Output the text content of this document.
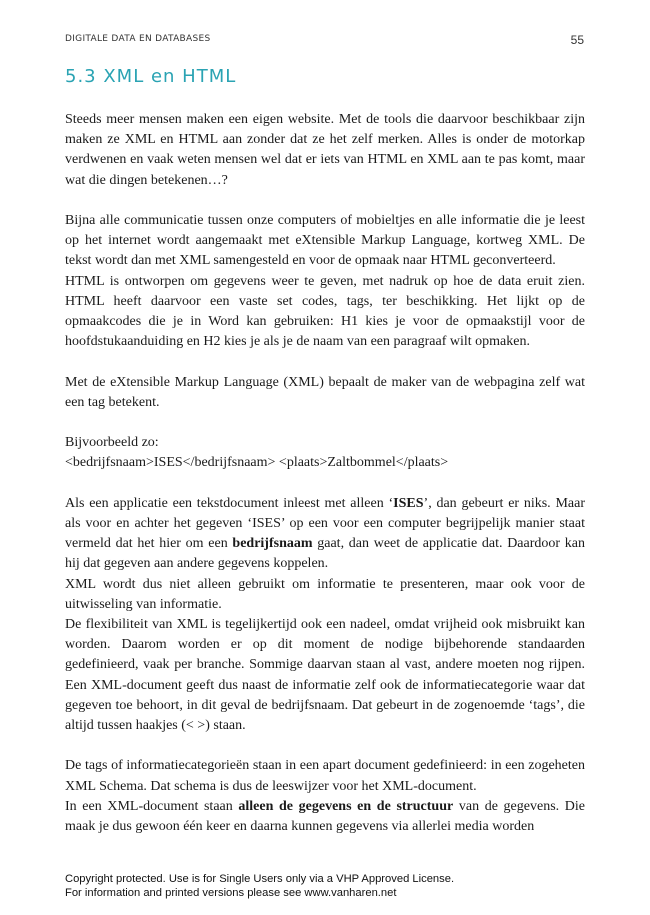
DIGITALE DATA EN DATABASES	55
5.3 XML en HTML

Steeds meer mensen maken een eigen website. Met de tools die daarvoor beschikbaar zijn maken ze XML en HTML aan zonder dat ze het zelf merken. Alles is onder de motorkap verdwenen en vaak weten mensen wel dat er iets van HTML en XML aan te pas komt, maar wat die dingen betekenen…?

Bijna alle communicatie tussen onze computers of mobieltjes en alle informatie die je leest op het internet wordt aangemaakt met eXtensible Markup Language, kortweg XML. De tekst wordt dan met XML samengesteld en voor de opmaak naar HTML geconverteerd.

HTML is ontworpen om gegevens weer te geven, met nadruk op hoe de data eruit zien. HTML heeft daarvoor een vaste set codes, tags, ter beschikking. Het lijkt op de opmaakcodes die je in Word kan gebruiken: H1 kies je voor de opmaakstijl voor de hoofdstukaanduiding en H2 kies je als je de naam van een paragraaf wilt opmaken.

Met de eXtensible Markup Language (XML) bepaalt de maker van de webpagina zelf wat een tag betekent.

Bijvoorbeeld zo:

<bedrijfsnaam>ISES</bedrijfsnaam> <plaats>Zaltbommel</plaats>

Als een applicatie een tekstdocument inleest met alleen ‘ISES’, dan gebeurt er niks. Maar als voor en achter het gegeven ‘ISES’ op een voor een computer begrijpelijk manier staat vermeld dat het hier om een bedrijfsnaam gaat, dan weet de applicatie dat. Daardoor kan hij dat gegeven aan andere gegevens koppelen.

XML wordt dus niet alleen gebruikt om informatie te presenteren, maar ook voor de uitwisseling van informatie.

De flexibiliteit van XML is tegelijkertijd ook een nadeel, omdat vrijheid ook misbruikt kan worden. Daarom worden er op dit moment de nodige bijbehorende standaarden gedefinieerd, vaak per branche. Sommige daarvan staan al vast, andere moeten nog rijpen. Een XML-document geeft dus naast de informatie zelf ook de informatiecategorie waar dat gegeven toe behoort, in dit geval de bedrijfsnaam. Dat gebeurt in de zogenoemde ‘tags’, die altijd tussen haakjes (< >) staan.

De tags of informatiecategorieën staan in een apart document gedefinieerd: in een zogeheten XML Schema. Dat schema is dus de leeswijzer voor het XML-document.

In een XML-document staan alleen de gegevens en de structuur van de gegevens. Die maak je dus gewoon één keer en daarna kunnen gegevens via allerlei media worden

Copyright protected. Use is for Single Users only via a VHP Approved License.
For information and printed versions please see www.vanharen.net
